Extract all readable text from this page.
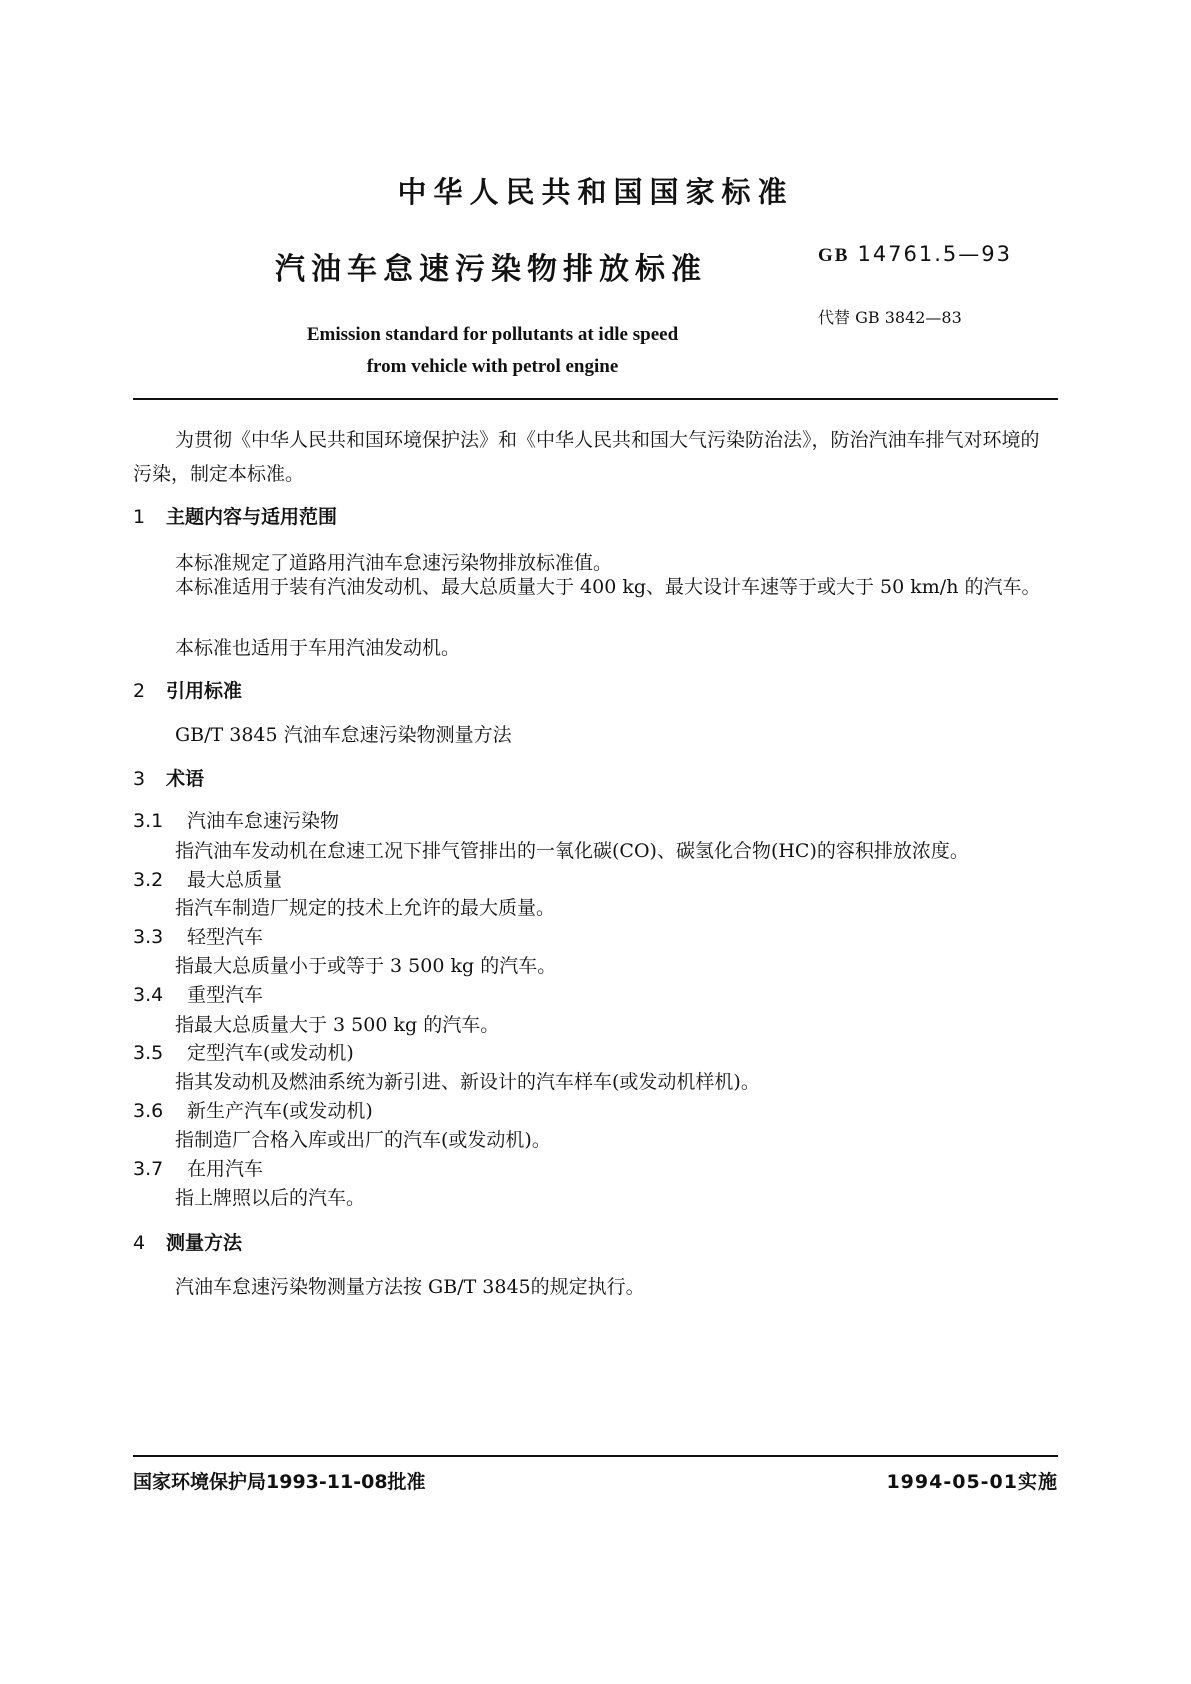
中华人民共和国国家标准
汽油车怠速污染物排放标准	GB 14761.5—93
代替 GB 3842—83
Emission standard for pollutants at idle speed
from vehicle with petrol engine
为贯彻《中华人民共和国环境保护法》和《中华人民共和国大气污染防治法》，防治汽油车排气对环境的污染，制定本标准。
1 主题内容与适用范围
本标准规定了道路用汽油车怠速污染物排放标准值。
本标准适用于装有汽油发动机、最大总质量大于 400 kg、最大设计车速等于或大于 50 km/h 的汽车。
本标准也适用于车用汽油发动机。
2 引用标准
GB/T 3845 汽油车怠速污染物测量方法
3 术语
3.1 汽油车怠速污染物
指汽油车发动机在怠速工况下排气管排出的一氧化碳(CO)、碳氢化合物(HC)的容积排放浓度。
3.2 最大总质量
指汽车制造厂规定的技术上允许的最大质量。
3.3 轻型汽车
指最大总质量小于或等于 3 500 kg 的汽车。
3.4 重型汽车
指最大总质量大于 3 500 kg 的汽车。
3.5 定型汽车(或发动机)
指其发动机及燃油系统为新引进、新设计的汽车样车(或发动机样机)。
3.6 新生产汽车(或发动机)
指制造厂合格入库或出厂的汽车(或发动机)。
3.7 在用汽车
指上牌照以后的汽车。
4 测量方法
汽油车怠速污染物测量方法按 GB/T 3845的规定执行。
国家环境保护局1993-11-08批准	1994-05-01实施
